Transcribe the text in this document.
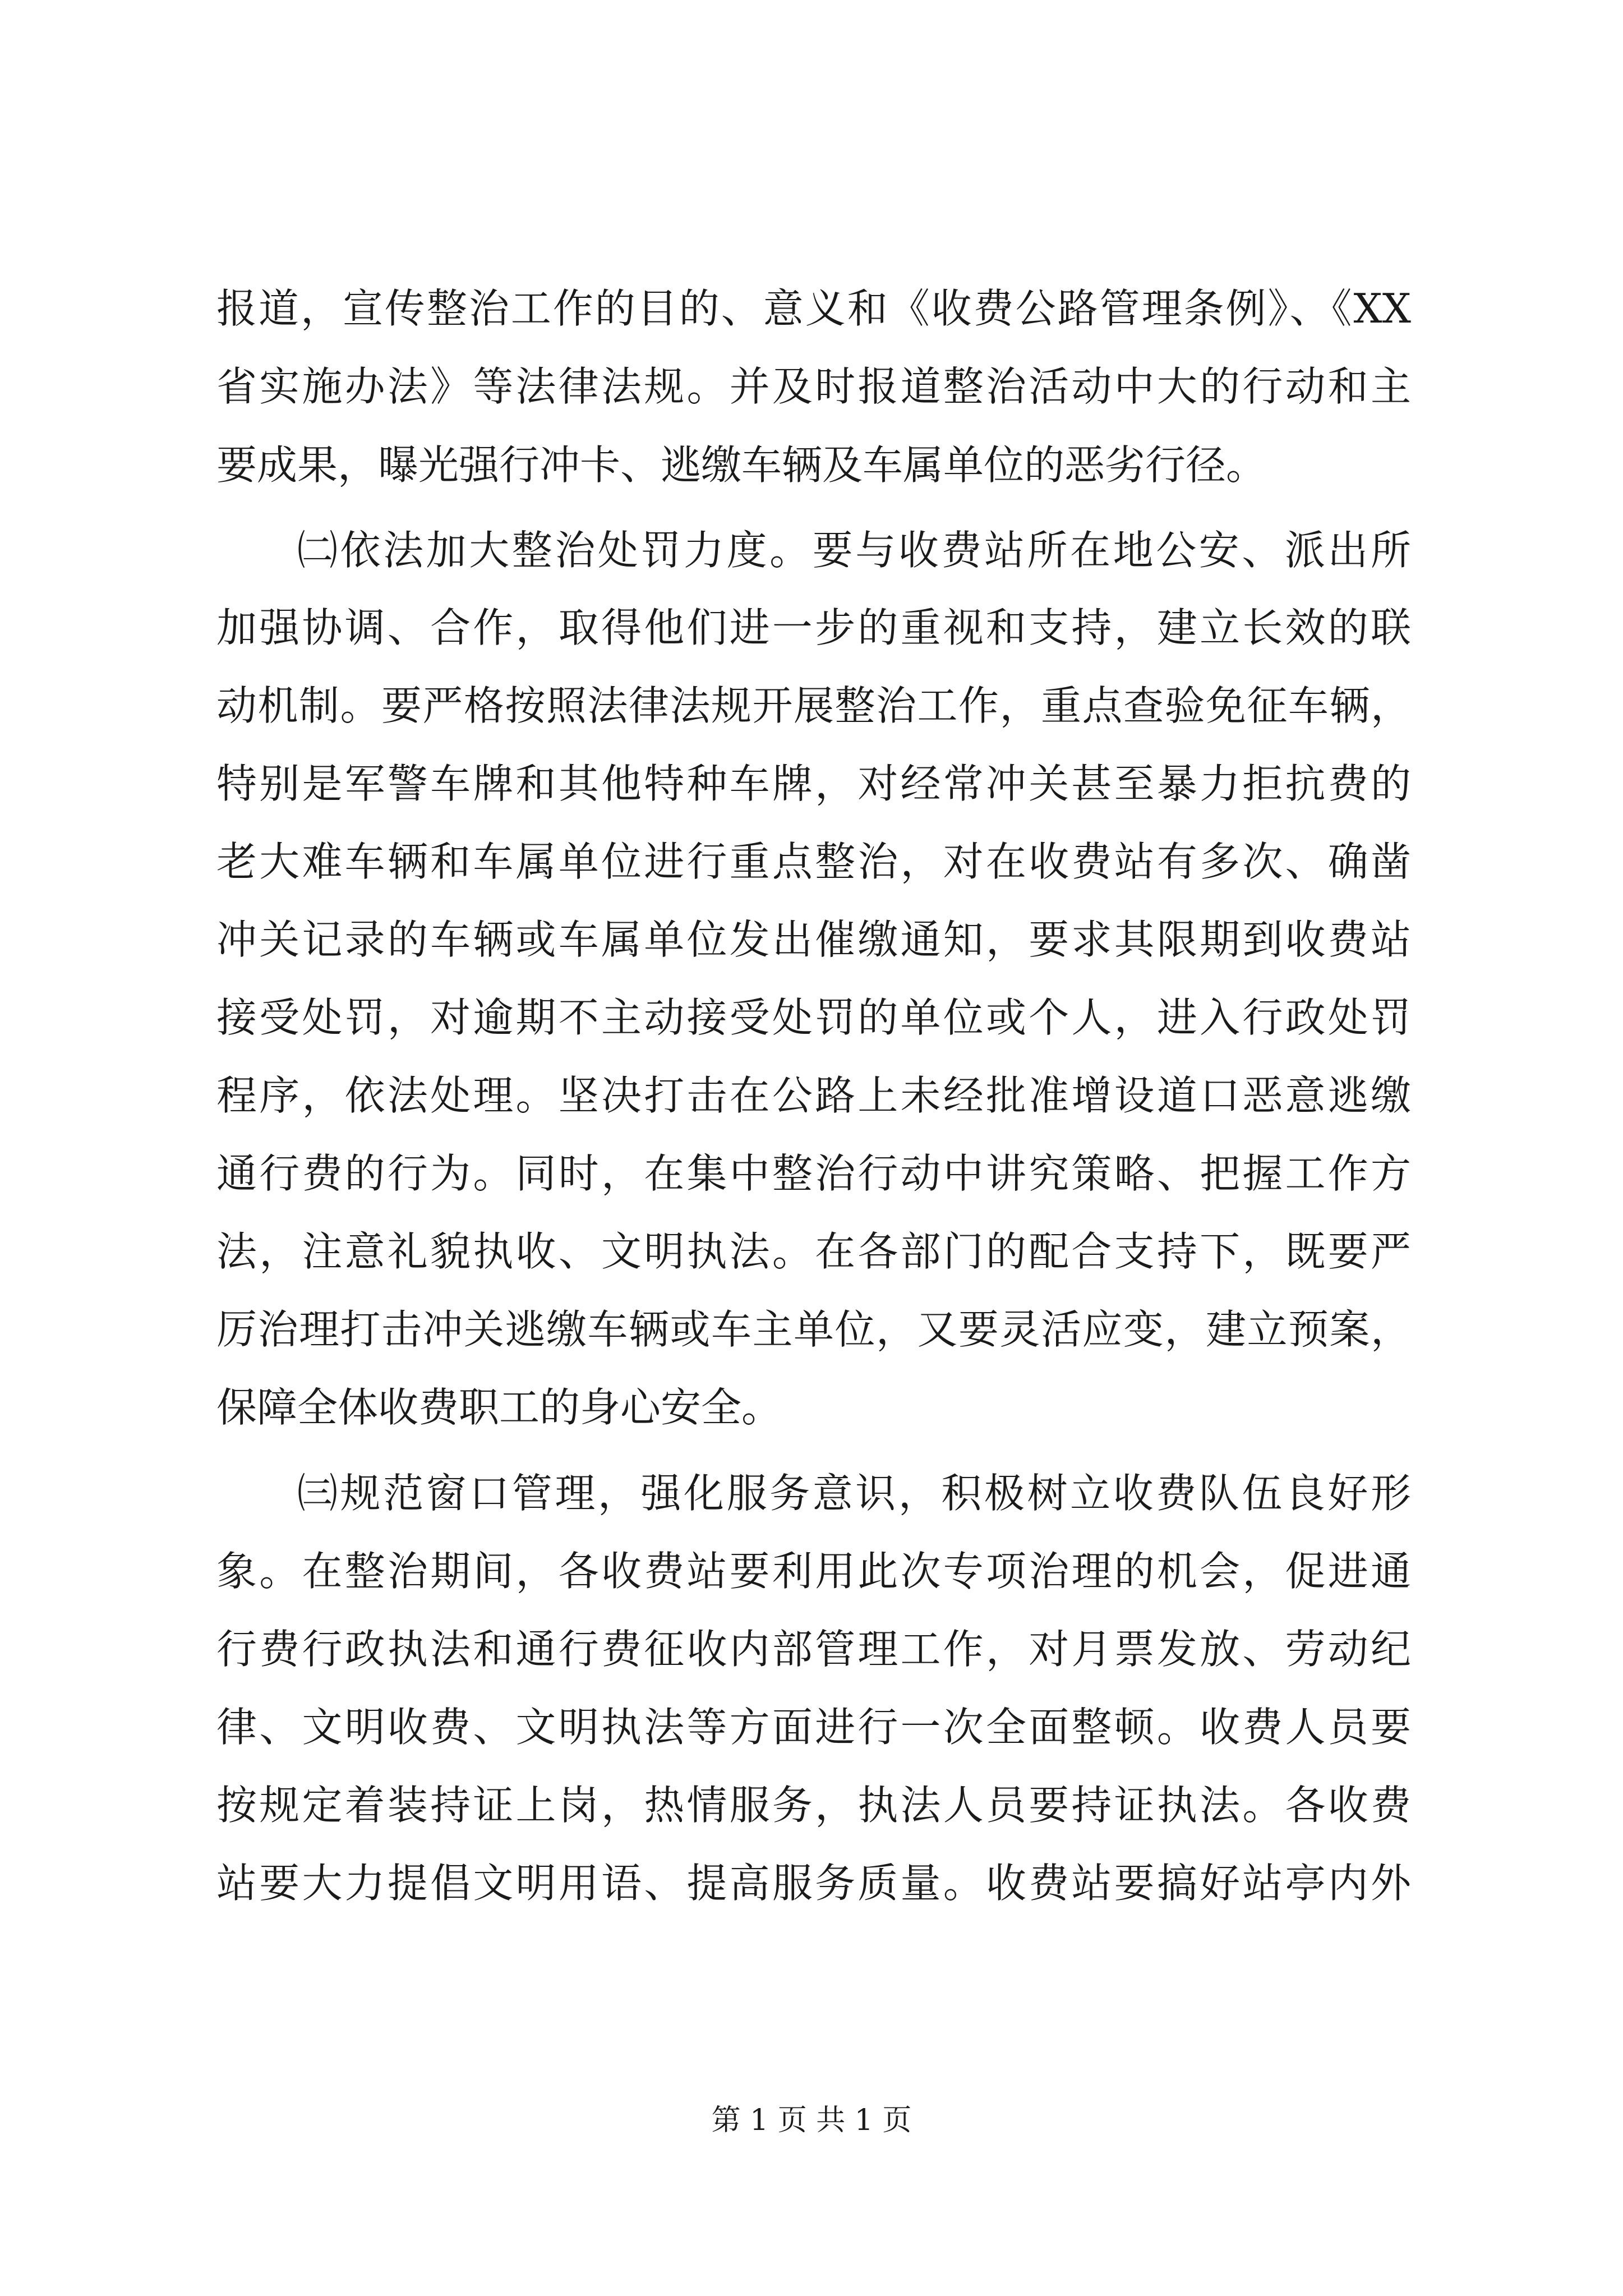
报道，宣传整治工作的目的、意义和《收费公路管理条例》、《XX
省实施办法》等法律法规。并及时报道整治活动中大的行动和主
要成果，曝光强行冲卡、逃缴车辆及车属单位的恶劣行径。
㈡依法加大整治处罚力度。要与收费站所在地公安、派出所
加强协调、合作，取得他们进一步的重视和支持，建立长效的联
动机制。要严格按照法律法规开展整治工作，重点查验免征车辆，
特别是军警车牌和其他特种车牌，对经常冲关甚至暴力拒抗费的
老大难车辆和车属单位进行重点整治，对在收费站有多次、确凿
冲关记录的车辆或车属单位发出催缴通知，要求其限期到收费站
接受处罚，对逾期不主动接受处罚的单位或个人，进入行政处罚
程序，依法处理。坚决打击在公路上未经批准增设道口恶意逃缴
通行费的行为。同时，在集中整治行动中讲究策略、把握工作方
法，注意礼貌执收、文明执法。在各部门的配合支持下，既要严
厉治理打击冲关逃缴车辆或车主单位，又要灵活应变，建立预案，
保障全体收费职工的身心安全。
㈢规范窗口管理，强化服务意识，积极树立收费队伍良好形
象。在整治期间，各收费站要利用此次专项治理的机会，促进通
行费行政执法和通行费征收内部管理工作，对月票发放、劳动纪
律、文明收费、文明执法等方面进行一次全面整顿。收费人员要
按规定着装持证上岗，热情服务，执法人员要持证执法。各收费
站要大力提倡文明用语、提高服务质量。收费站要搞好站亭内外
第 1 页 共 1 页
